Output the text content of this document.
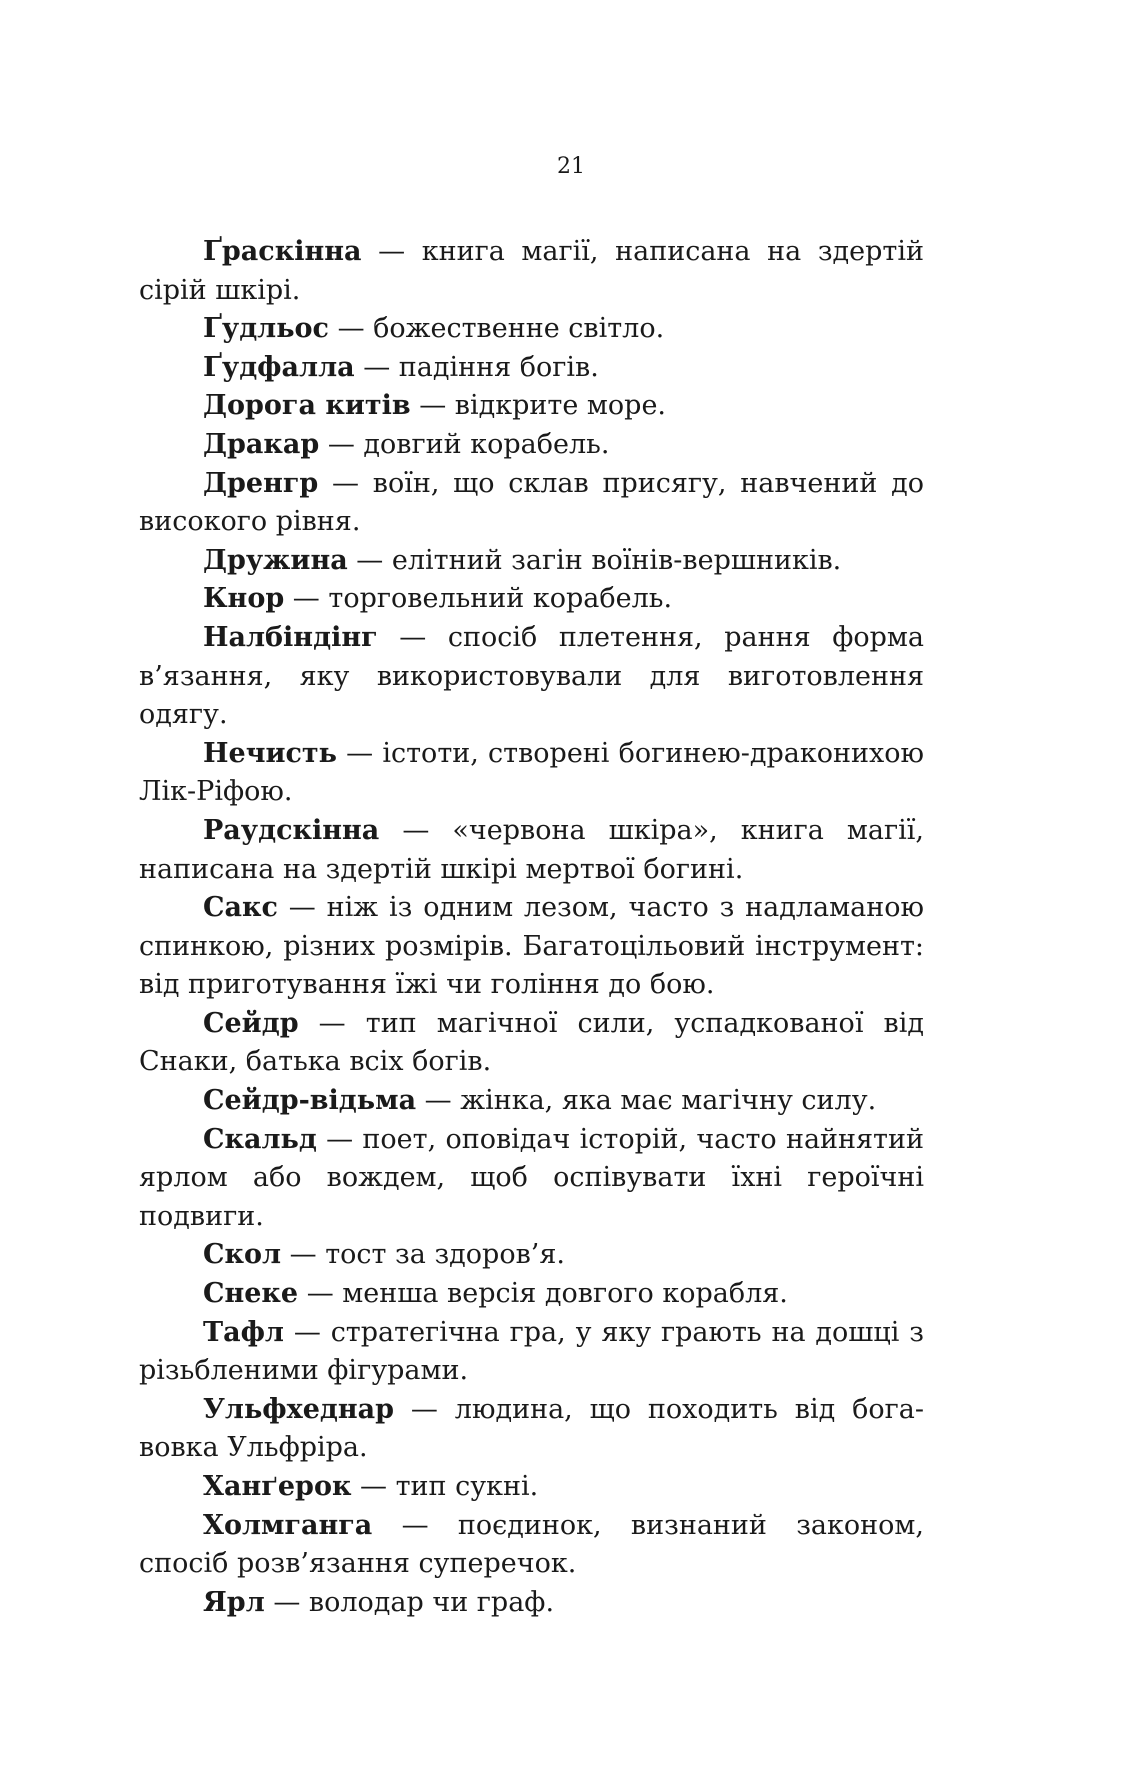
21

Ґраскінна — книга магії, написана на здертій сірій шкірі.

Ґудльос — божественне світло.

Ґудфалла — падіння богів.

Дорога китів — відкрите море.

Дракар — довгий корабель.

Дренгр — воїн, що склав присягу, навчений до високого рівня.

Дружина — елітний загін воїнів-вершників.

Кнор — торговельний корабель.

Налбіндінг — спосіб плетення, рання форма в’язання, яку використовували для виготовлення одягу.

Нечисть — істоти, створені богинею-драконихою Лік-Ріфою.

Раудскінна — «червона шкіра», книга магії, написана на здертій шкірі мертвої богині.

Сакс — ніж із одним лезом, часто з надламаною спинкою, різних розмірів. Багатоцільовий інструмент: від приготування їжі чи гоління до бою.

Сейдр — тип магічної сили, успадкованої від Снаки, батька всіх богів.

Сейдр-відьма — жінка, яка має магічну силу.

Скальд — поет, оповідач історій, часто найнятий ярлом або вождем, щоб оспівувати їхні героїчні подвиги.

Скол — тост за здоров’я.

Снеке — менша версія довгого корабля.

Тафл — стратегічна гра, у яку грають на дошці з різьбленими фігурами.

Ульфхеднар — людина, що походить від бога-вовка Ульфріра.

Ханґерок — тип сукні.

Холмганга — поєдинок, визнаний законом, спосіб розв’язання суперечок.

Ярл — володар чи граф.
